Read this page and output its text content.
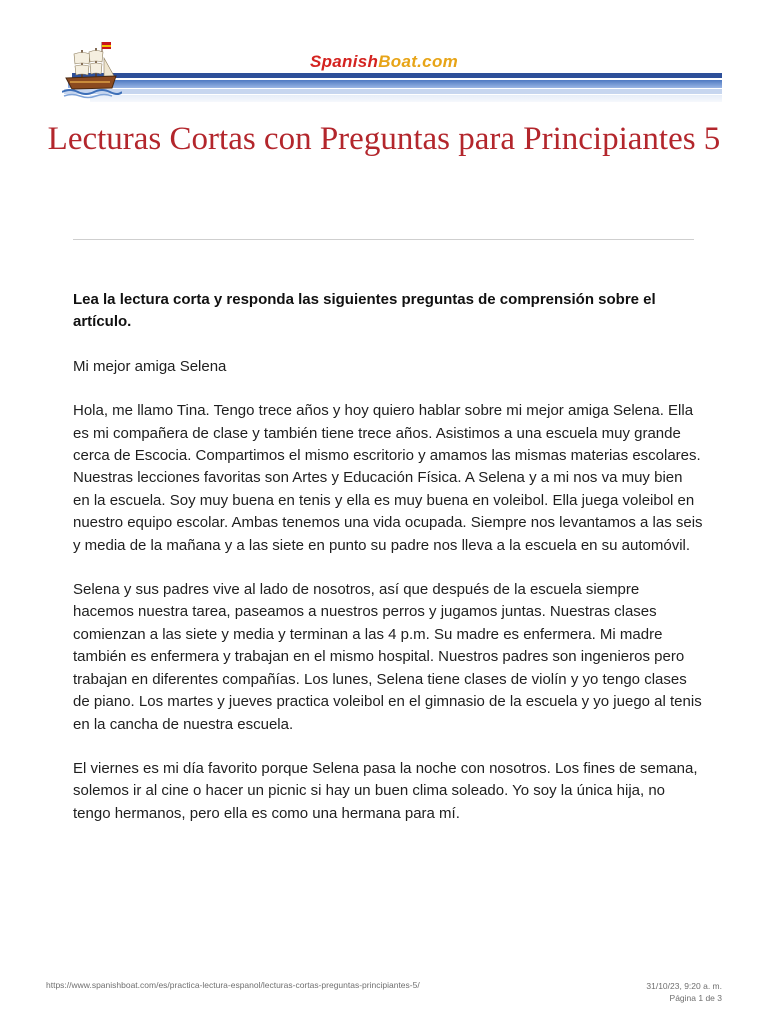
SpanishBoat.com
Lecturas Cortas con Preguntas para Principiantes 5

Lea la lectura corta y responda las siguientes preguntas de comprensión sobre el artículo.

Mi mejor amiga Selena

Hola, me llamo Tina. Tengo trece años y hoy quiero hablar sobre mi mejor amiga Selena. Ella es mi compañera de clase y también tiene trece años. Asistimos a una escuela muy grande cerca de Escocia. Compartimos el mismo escritorio y amamos las mismas materias escolares. Nuestras lecciones favoritas son Artes y Educación Física. A Selena y a mi nos va muy bien en la escuela. Soy muy buena en tenis y ella es muy buena en voleibol. Ella juega voleibol en nuestro equipo escolar. Ambas tenemos una vida ocupada. Siempre nos levantamos a las seis y media de la mañana y a las siete en punto su padre nos lleva a la escuela en su automóvil.

Selena y sus padres vive al lado de nosotros, así que después de la escuela siempre hacemos nuestra tarea, paseamos a nuestros perros y jugamos juntas. Nuestras clases comienzan a las siete y media y terminan a las 4 p.m. Su madre es enfermera. Mi madre también es enfermera y trabajan en el mismo hospital. Nuestros padres son ingenieros pero trabajan en diferentes compañías. Los lunes, Selena tiene clases de violín y yo tengo clases de piano. Los martes y jueves practica voleibol en el gimnasio de la escuela y yo juego al tenis en la cancha de nuestra escuela.

El viernes es mi día favorito porque Selena pasa la noche con nosotros. Los fines de semana, solemos ir al cine o hacer un picnic si hay un buen clima soleado. Yo soy la única hija, no tengo hermanos, pero ella es como una hermana para mí.

https://www.spanishboat.com/es/practica-lectura-espanol/lecturas-cortas-preguntas-principiantes-5/	31/10/23, 9:20 a. m.
Página 1 de 3
